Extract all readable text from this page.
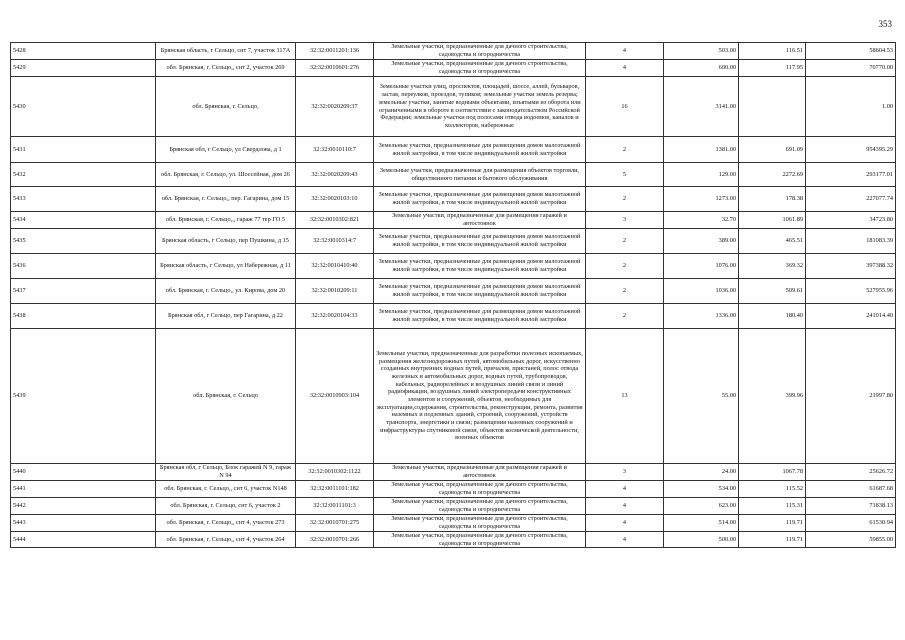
353
5428	Брянская область, г Сельцо, снт 7, участок 117А	32:32:0011201:136	Земельные участки, предназначенные для дачного строительства, садоводства и огородничества	4	503.00	116.51	58604.53
5429	обл. Брянская, г. Сельцо,, снт 2, участок 269	32:32:0010601:276	Земельные участки, предназначенные для дачного строительства, садоводства и огородничества	4	600.00	117.95	70770.00
5430	обл. Брянская, г. Сельцо,	32:32:0020209:37	Земельные участки улиц, проспектов, площадей, шоссе, аллей, бульваров, застав, переулков, проездов, тупиков; земельные участки земель резерва; земельные участки, занятые водными объектами, изъятыми из оборота или ограниченными в обороте в соответствии с законодательством Российской Федерации; земельные участки под полосами отвода водоемов, каналов и коллекторов, набережные	16	3141.00		1.00
5431	Брянская обл, г Сельцо, ул Свердлова, д 1	32:32:0010110:7	Земельные участки, предназначенные для размещения домов малоэтажной жилой застройки, в том числе индивидуальной жилой застройки	2	1381.00	691.09	954395.29
5432	обл. Брянская, г. Сельцо, ул. Шоссейная, дом 26	32:32:0020209:43	Земельные участки, предназначенные для размещения объектов торговли, общественного питания и бытового обслуживания	5	129.00	2272.69	293177.01
5433	обл. Брянская, г. Сельцо,, пер. Гагарина, дом 15	32:32:0020103:10	Земельные участки, предназначенные для размещения домов малоэтажной жилой застройки, в том числе индивидуальной жилой застройки	2	1273.00	178.38	227077.74
5434	обл. Брянская, г. Сельцо,,, гараж 77 тер ГО 5	32:32:0010302:821	Земельные участки, предназначенные для размещения гаражей и автостоянок	3	32.70	1061.89	34723.80
5435	Брянская область, г Сельцо, пер Пушкина, д 15	32:32:0010314:7	Земельные участки, предназначенные для размещения домов малоэтажной жилой застройки, в том числе индивидуальной жилой застройки	2	389.00	465.51	181083.39
5436	Брянская область, г Сельцо, ул Набережная, д 11	32:32:0010410:40	Земельные участки, предназначенные для размещения домов малоэтажной жилой застройки, в том числе индивидуальной жилой застройки	2	1076.00	369.32	397388.32
5437	обл. Брянская, г. Сельцо,, ул. Кирова, дом 20	32:32:0010209:11	Земельные участки, предназначенные для размещения домов малоэтажной жилой застройки, в том числе индивидуальной жилой застройки	2	1036.00	509.61	527955.96
5438	Брянская обл, г Сельцо, пер Гагарина, д 22	32:32:0020104:33	Земельные участки, предназначенные для размещения домов малоэтажной жилой застройки, в том числе индивидуальной жилой застройки	2	1336.00	180.40	241014.40
5439	обл. Брянская, г. Сельцо	32:32:0010903:104	Земельные участки, предназначенные для разработки полезных ископаемых, размещения железнодорожных путей, автомобильных дорог, искусственно созданных внутренних водных путей, причалов, пристаней, полос отвода железных и автомобильных дорог, водных путей, трубопроводов, кабельных, радиорелейных и воздушных линий связи и линий радиофикации, воздушных линий электропередачи конструктивных элементов и сооружений, объектов, необходимых для эксплуатации,содержания, строительства, реконструкции, ремонта, развития наземных и подземных зданий, строений, сооружений, устройств транспорта, энергетики и связи; размещения наземных сооружений и инфраструктуры спутниковой связи, объектов космической деятельности, военных объектов	13	55.00	399.96	21997.80
5440	Брянская обл, г Сельцо, Блок гаражей N 9, гараж N 94	32:32:0010302:1122	Земельные участки, предназначенные для размещения гаражей и автостоянок	3	24.00	1067.78	25626.72
5441	обл. Брянская, г. Сельцо,, снт 6, участок N148	32:32:0011101:182	Земельные участки, предназначенные для дачного строительства, садоводства и огородничества	4	534.00	115.52	61687.68
5442	обл. Брянская, г. Сельцо, снт 6, участок 2	32:32:0011101:3	Земельные участки, предназначенные для дачного строительства, садоводства и огородничества	4	623.00	115.31	71838.13
5443	обл. Брянская, г. Сельцо,, снт 4, участок 273	32:32:0010701:275	Земельные участки, предназначенные для дачного строительства, садоводства и огородничества	4	514.00	119.71	61530.94
5444	обл. Брянская, г. Сельцо,, снт 4, участок 264	32:32:0010701:266	Земельные участки, предназначенные для дачного строительства, садоводства и огородничества	4	500.00	119.71	59855.00
